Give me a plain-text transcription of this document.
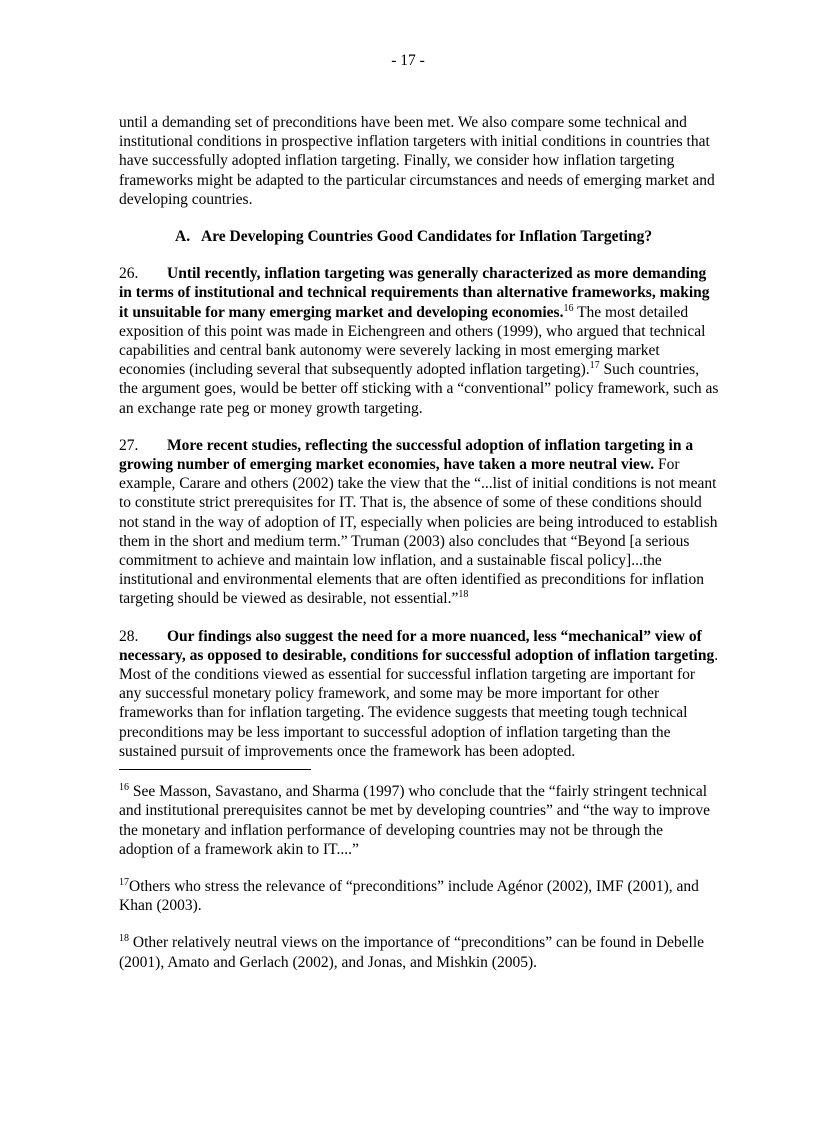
- 17 -

until a demanding set of preconditions have been met. We also compare some technical and institutional conditions in prospective inflation targeters with initial conditions in countries that have successfully adopted inflation targeting. Finally, we consider how inflation targeting frameworks might be adapted to the particular circumstances and needs of emerging market and developing countries.

A. Are Developing Countries Good Candidates for Inflation Targeting?

26. Until recently, inflation targeting was generally characterized as more demanding in terms of institutional and technical requirements than alternative frameworks, making it unsuitable for many emerging market and developing economies.$^{16}$ The most detailed exposition of this point was made in Eichengreen and others (1999), who argued that technical capabilities and central bank autonomy were severely lacking in most emerging market economies (including several that subsequently adopted inflation targeting).$^{17}$ Such countries, the argument goes, would be better off sticking with a “conventional” policy framework, such as an exchange rate peg or money growth targeting.

27. More recent studies, reflecting the successful adoption of inflation targeting in a growing number of emerging market economies, have taken a more neutral view. For example, Carare and others (2002) take the view that the “...list of initial conditions is not meant to constitute strict prerequisites for IT. That is, the absence of some of these conditions should not stand in the way of adoption of IT, especially when policies are being introduced to establish them in the short and medium term.” Truman (2003) also concludes that “Beyond [a serious commitment to achieve and maintain low inflation, and a sustainable fiscal policy]...the institutional and environmental elements that are often identified as preconditions for inflation targeting should be viewed as desirable, not essential.”$^{18}$

28. Our findings also suggest the need for a more nuanced, less “mechanical” view of necessary, as opposed to desirable, conditions for successful adoption of inflation targeting. Most of the conditions viewed as essential for successful inflation targeting are important for any successful monetary policy framework, and some may be more important for other frameworks than for inflation targeting. The evidence suggests that meeting tough technical preconditions may be less important to successful adoption of inflation targeting than the sustained pursuit of improvements once the framework has been adopted.

$^{16}$ See Masson, Savastano, and Sharma (1997) who conclude that the “fairly stringent technical and institutional prerequisites cannot be met by developing countries” and “the way to improve the monetary and inflation performance of developing countries may not be through the adoption of a framework akin to IT....”

$^{17}$Others who stress the relevance of “preconditions” include Agénor (2002), IMF (2001), and Khan (2003).

$^{18}$ Other relatively neutral views on the importance of “preconditions” can be found in Debelle (2001), Amato and Gerlach (2002), and Jonas, and Mishkin (2005).
